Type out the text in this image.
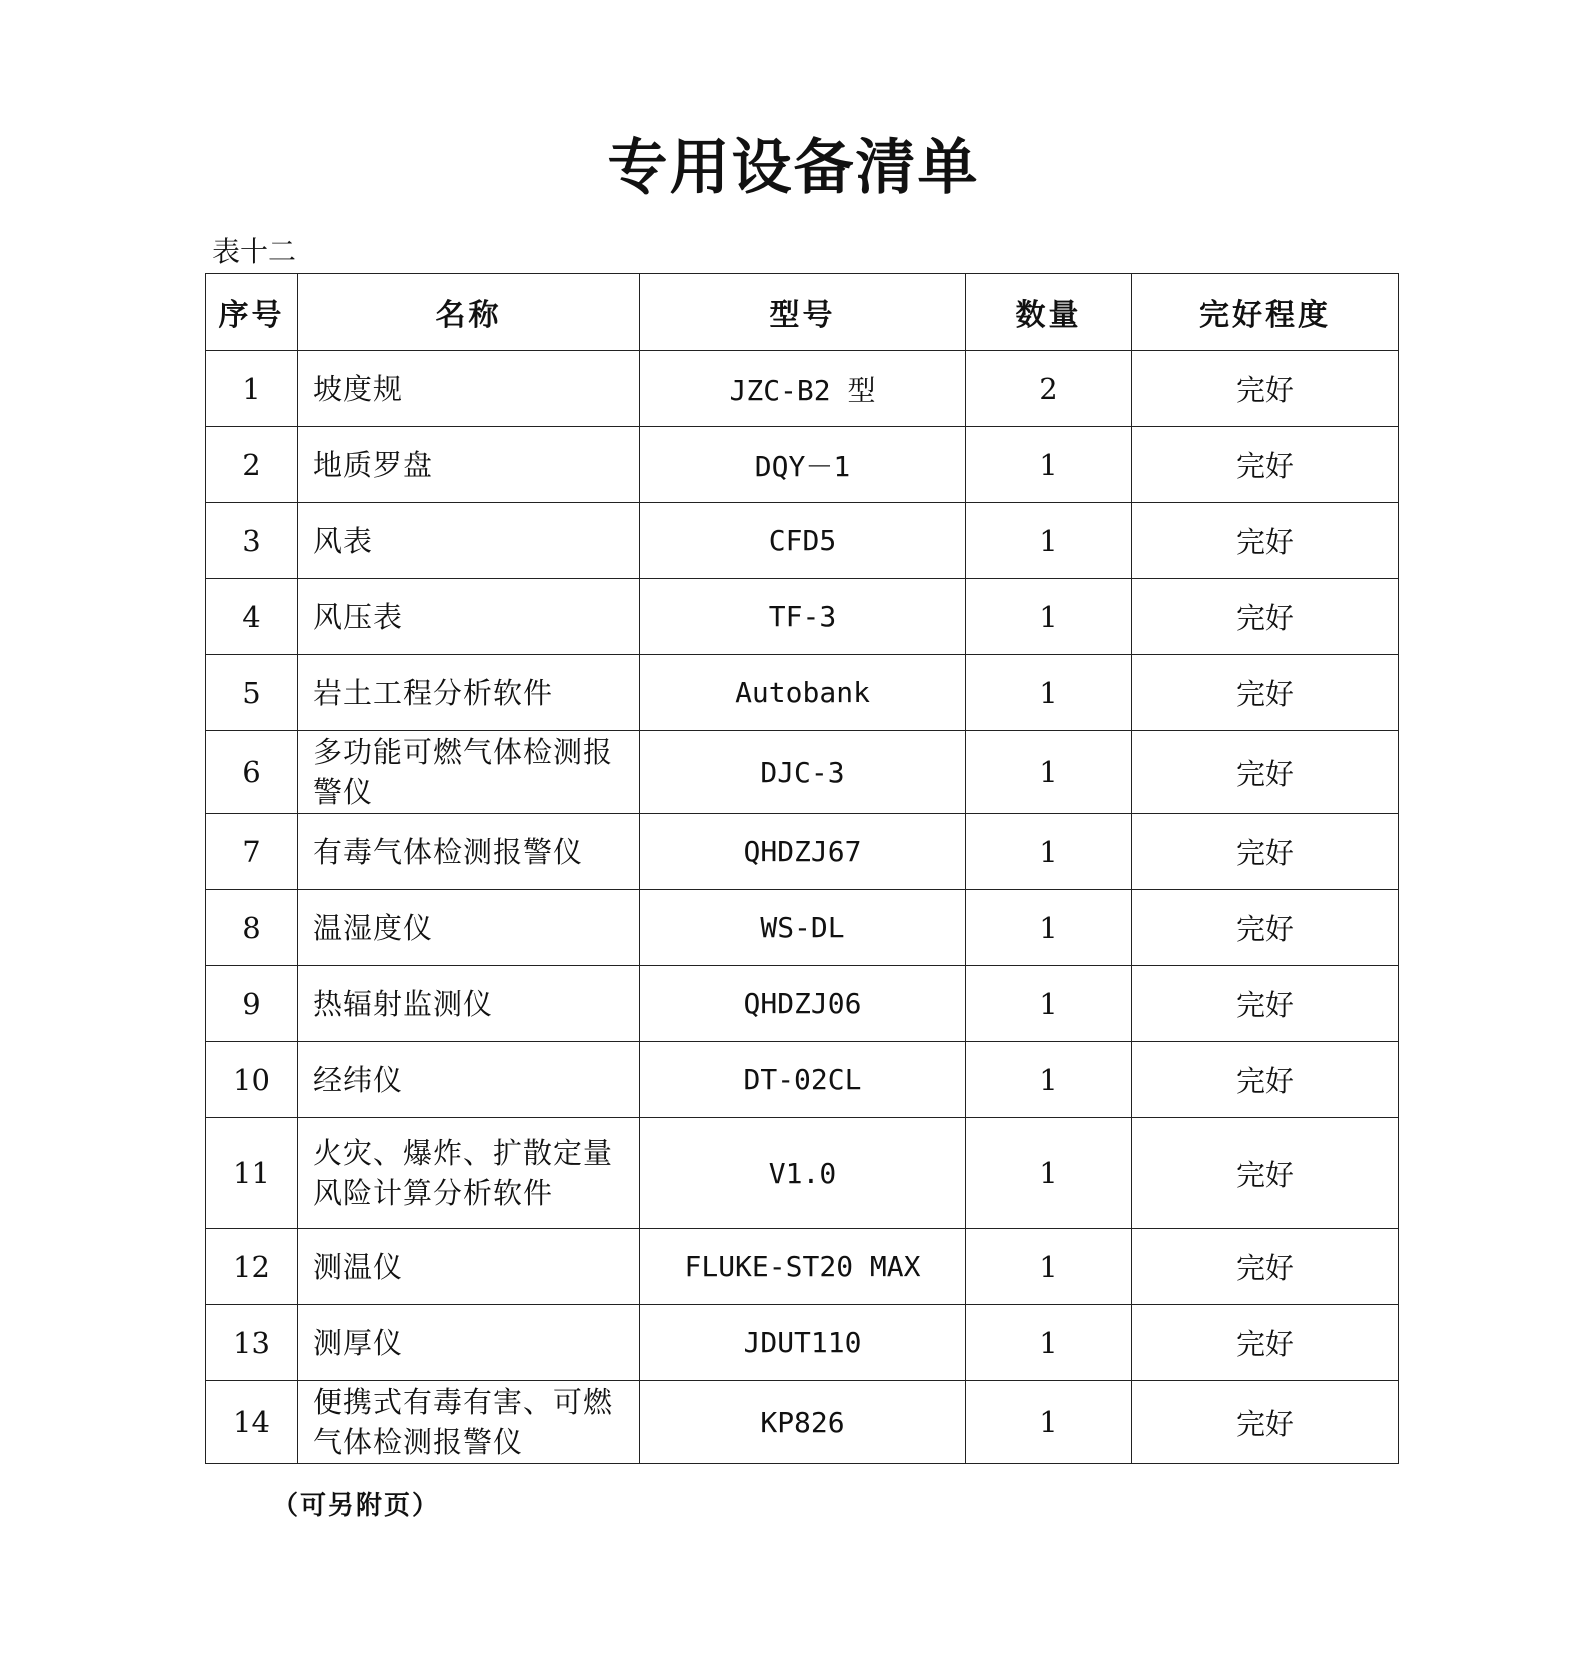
专用设备清单
表十二
序号	名称	型号	数量	完好程度
1	坡度规	JZC-B2 型	2	完好
2	地质罗盘	DQY－1	1	完好
3	风表	CFD5	1	完好
4	风压表	TF-3	1	完好
5	岩土工程分析软件	Autobank	1	完好
6	多功能可燃气体检测报警仪	DJC-3	1	完好
7	有毒气体检测报警仪	QHDZJ67	1	完好
8	温湿度仪	WS-DL	1	完好
9	热辐射监测仪	QHDZJ06	1	完好
10	经纬仪	DT-02CL	1	完好
11	火灾、爆炸、扩散定量风险计算分析软件	V1.0	1	完好
12	测温仪	FLUKE-ST20 MAX	1	完好
13	测厚仪	JDUT110	1	完好
14	便携式有毒有害、可燃气体检测报警仪	KP826	1	完好
（可另附页）
